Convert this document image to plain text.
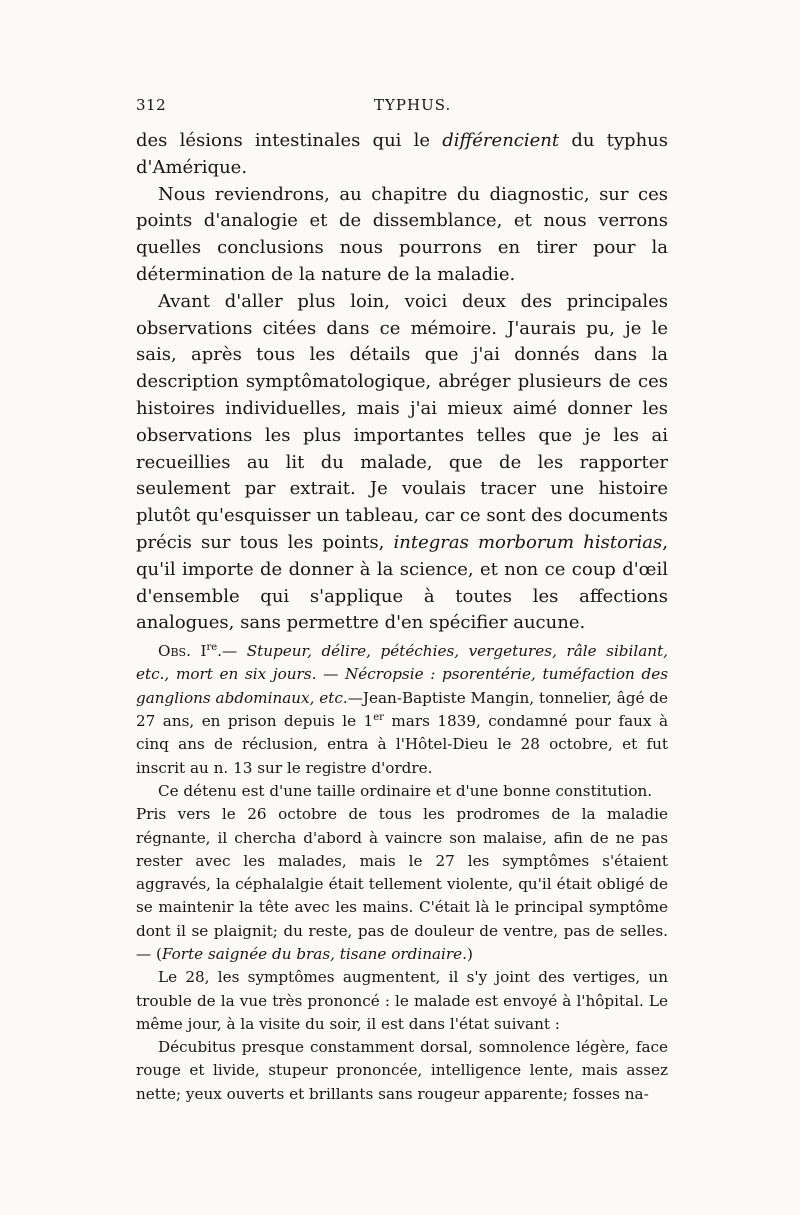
312	TYPHUS.

des lésions intestinales qui le différencient du typhus d'Amérique.

Nous reviendrons, au chapitre du diagnostic, sur ces points d'analogie et de dissemblance, et nous verrons quelles conclusions nous pourrons en tirer pour la détermination de la nature de la maladie.

Avant d'aller plus loin, voici deux des principales observations citées dans ce mémoire. J'aurais pu, je le sais, après tous les détails que j'ai donnés dans la description symptômatologique, abréger plusieurs de ces histoires individuelles, mais j'ai mieux aimé donner les observations les plus importantes telles que je les ai recueillies au lit du malade, que de les rapporter seulement par extrait. Je voulais tracer une histoire plutôt qu'esquisser un tableau, car ce sont des documents précis sur tous les points, integras morborum historias, qu'il importe de donner à la science, et non ce coup d'œil d'ensemble qui s'applique à toutes les affections analogues, sans permettre d'en spécifier aucune.

Obs. Ire.— Stupeur, délire, pétéchies, vergetures, râle sibilant, etc., mort en six jours. — Nécropsie : psorentérie, tuméfaction des ganglions abdominaux, etc.—Jean-Baptiste Mangin, tonnelier, âgé de 27 ans, en prison depuis le 1er mars 1839, condamné pour faux à cinq ans de réclusion, entra à l'Hôtel-Dieu le 28 octobre, et fut inscrit au n. 13 sur le registre d'ordre.

Ce détenu est d'une taille ordinaire et d'une bonne constitution.

Pris vers le 26 octobre de tous les prodromes de la maladie régnante, il chercha d'abord à vaincre son malaise, afin de ne pas rester avec les malades, mais le 27 les symptômes s'étaient aggravés, la céphalalgie était tellement violente, qu'il était obligé de se maintenir la tête avec les mains. C'était là le principal symptôme dont il se plaignit; du reste, pas de douleur de ventre, pas de selles. — (Forte saignée du bras, tisane ordinaire.)

Le 28, les symptômes augmentent, il s'y joint des vertiges, un trouble de la vue très prononcé : le malade est envoyé à l'hôpital. Le même jour, à la visite du soir, il est dans l'état suivant :

Décubitus presque constamment dorsal, somnolence légère, face rouge et livide, stupeur prononcée, intelligence lente, mais assez nette; yeux ouverts et brillants sans rougeur apparente; fosses na-
